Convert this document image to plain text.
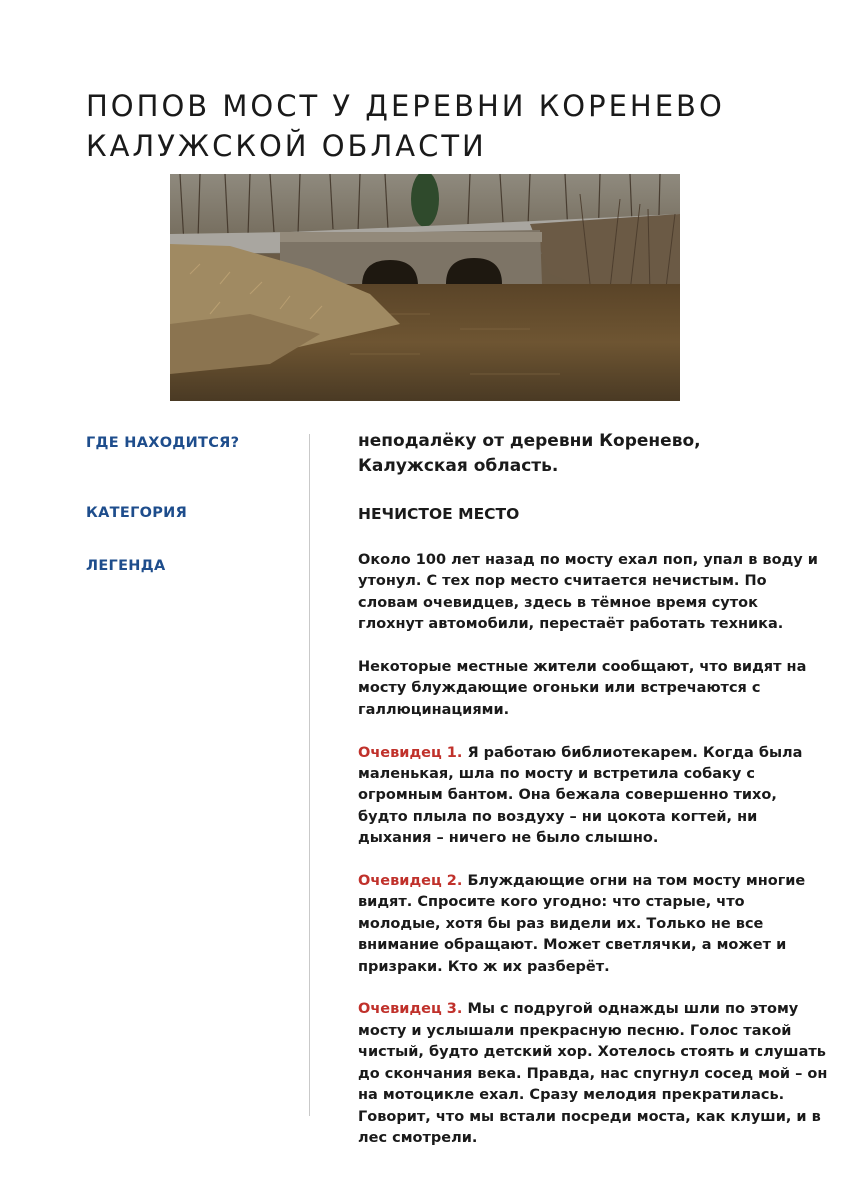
ПОПОВ МОСТ У ДЕРЕВНИ КОРЕНЕВО
КАЛУЖСКОЙ ОБЛАСТИ
ГДЕ НАХОДИТСЯ?
КАТЕГОРИЯ
ЛЕГЕНДА
неподалёку от деревни Коренево, Калужская область.
НЕЧИСТОЕ МЕСТО

Около 100 лет назад по мосту ехал поп, упал в воду и утонул. С тех пор место считается нечистым. По словам очевидцев, здесь в тёмное время суток глохнут автомобили, перестаёт работать техника.

Некоторые местные жители сообщают, что видят на мосту блуждающие огоньки или встречаются с галлюцинациями.

Очевидец 1. Я работаю библиотекарем. Когда была маленькая, шла по мосту и встретила собаку с огромным бантом. Она бежала совершенно тихо, будто плыла по воздуху – ни цокота когтей, ни дыхания – ничего не было слышно.

Очевидец 2. Блуждающие огни на том мосту многие видят. Спросите кого угодно: что старые, что молодые, хотя бы раз видели их. Только не все внимание обращают. Может светлячки, а может и призраки. Кто ж их разберёт.

Очевидец 3. Мы с подругой однажды шли по этому мосту и услышали прекрасную песню. Голос такой чистый, будто детский хор. Хотелось стоять и слушать до скончания века. Правда, нас спугнул сосед мой – он на мотоцикле ехал. Сразу мелодия прекратилась. Говорит, что мы встали посреди моста, как клуши, и в лес смотрели.
